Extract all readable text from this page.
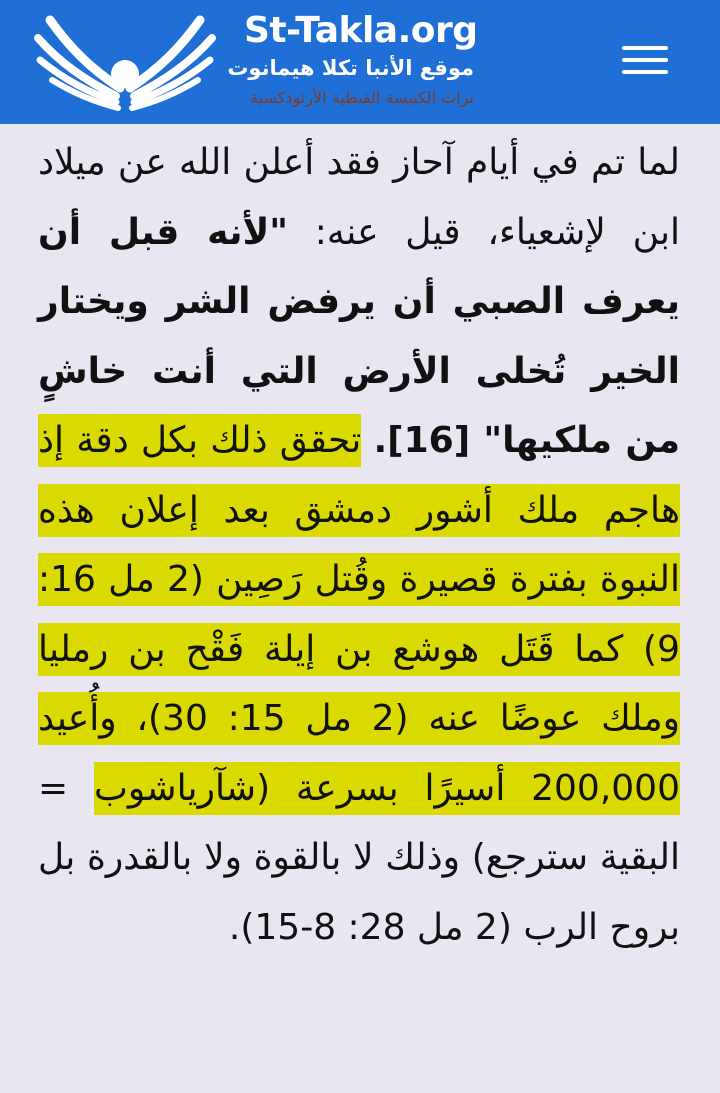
St-Takla.org
موقع الأنبا تكلا هيمانوت
تراث الكنيسة القبطية الأرثوذكسية
لما تم في أيام آحاز فقد أعلن الله عن ميلاد ابن لإشعياء، قيل عنه: "لأنه قبل أن يعرف الصبي أن يرفض الشر ويختار الخير تُخلى الأرض التي أنت خاشٍ من ملكيها" [16]. تحقق ذلك بكل دقة إذ هاجم ملك أشور دمشق بعد إعلان هذه النبوة بفترة قصيرة وقُتل رَصِين (2 مل 16: 9) كما قَتَل هوشع بن إيلة فَقْح بن رمليا وملك عوضًا عنه (2 مل 15: 30)، وأُعيد 200,000 أسيرًا بسرعة (شآرياشوب = البقية سترجع) وذلك لا بالقوة ولا بالقدرة بل بروح الرب (2 مل 28: 8-15).
